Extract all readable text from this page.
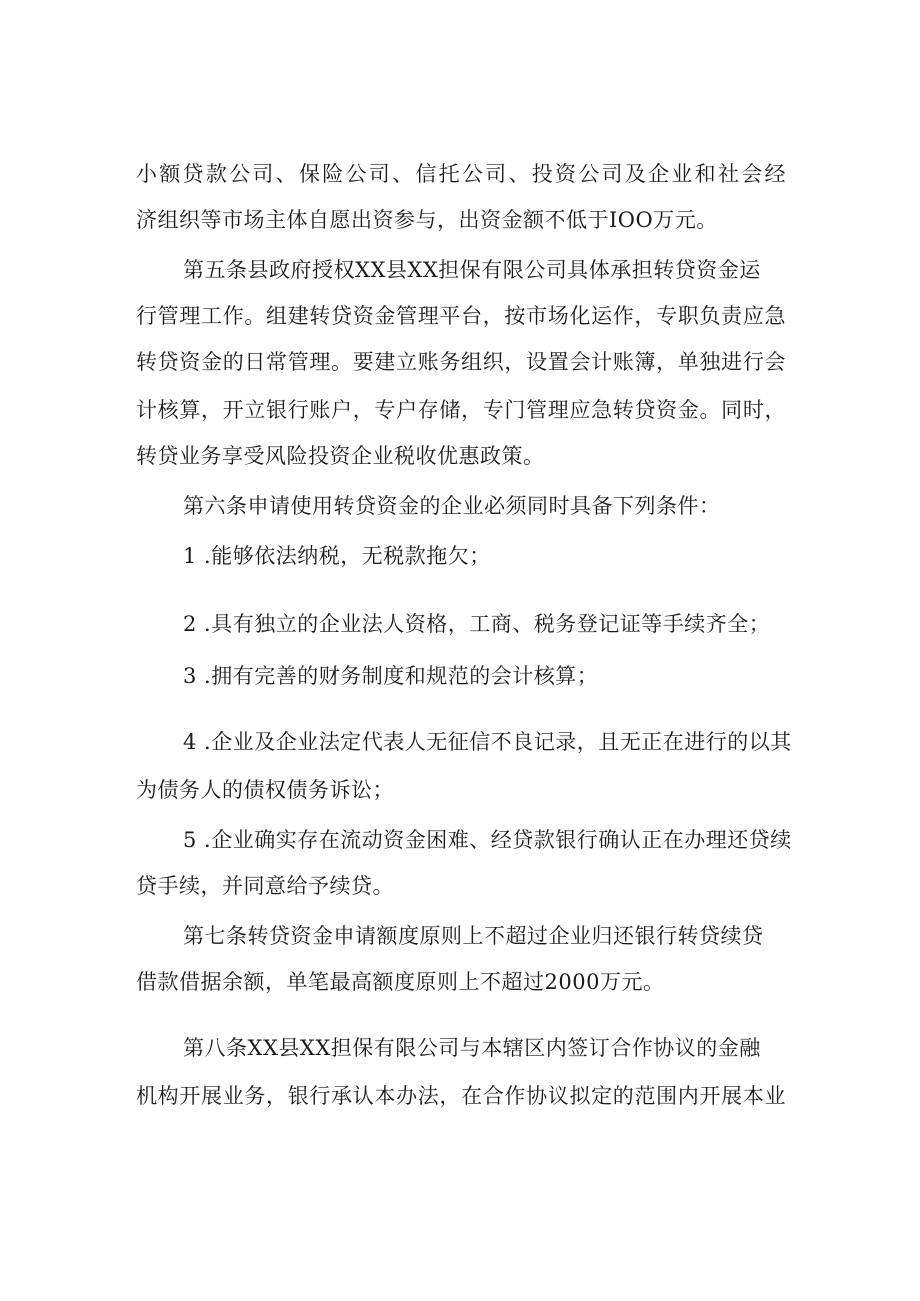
小额贷款公司、保险公司、信托公司、投资公司及企业和社会经

济组织等市场主体自愿出资参与，出资金额不低于IOO万元。

第五条县政府授权XX县XX担保有限公司具体承担转贷资金运

行管理工作。组建转贷资金管理平台，按市场化运作，专职负责应急

转贷资金的日常管理。要建立账务组织，设置会计账簿，单独进行会

计核算，开立银行账户，专户存储，专门管理应急转贷资金。同时，

转贷业务享受风险投资企业税收优惠政策。

第六条申请使用转贷资金的企业必须同时具备下列条件：

1 .能够依法纳税，无税款拖欠；

2 .具有独立的企业法人资格，工商、税务登记证等手续齐全；

3 .拥有完善的财务制度和规范的会计核算；

4 .企业及企业法定代表人无征信不良记录，且无正在进行的以其

为债务人的债权债务诉讼；

5 .企业确实存在流动资金困难、经贷款银行确认正在办理还贷续

贷手续，并同意给予续贷。

第七条转贷资金申请额度原则上不超过企业归还银行转贷续贷

借款借据余额，单笔最高额度原则上不超过2000万元。

第八条XX县XX担保有限公司与本辖区内签订合作协议的金融

机构开展业务，银行承认本办法，在合作协议拟定的范围内开展本业
